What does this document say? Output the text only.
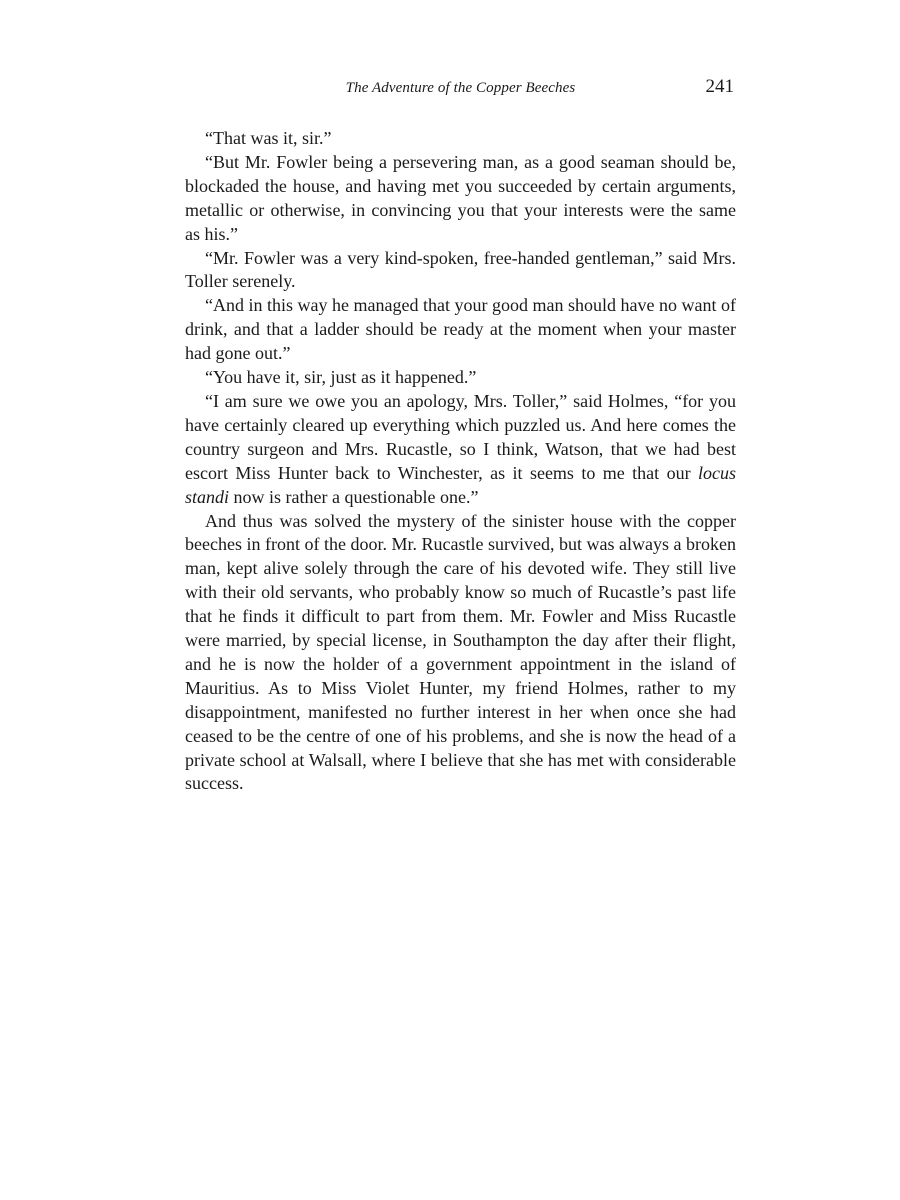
The Adventure of the Copper Beeches	241

“That was it, sir.”

“But Mr. Fowler being a persevering man, as a good seaman should be, blockaded the house, and having met you succeeded by certain arguments, metallic or otherwise, in convincing you that your interests were the same as his.”

“Mr. Fowler was a very kind-spoken, free-handed gentleman,” said Mrs. Toller serenely.

“And in this way he managed that your good man should have no want of drink, and that a ladder should be ready at the moment when your master had gone out.”

“You have it, sir, just as it happened.”

“I am sure we owe you an apology, Mrs. Toller,” said Holmes, “for you have certainly cleared up everything which puzzled us. And here comes the country surgeon and Mrs. Rucastle, so I think, Watson, that we had best escort Miss Hunter back to Winchester, as it seems to me that our locus standi now is rather a questionable one.”

And thus was solved the mystery of the sinister house with the copper beeches in front of the door. Mr. Rucastle survived, but was always a broken man, kept alive solely through the care of his devoted wife. They still live with their old servants, who probably know so much of Rucastle’s past life that he finds it difficult to part from them. Mr. Fowler and Miss Rucastle were married, by special license, in Southampton the day after their flight, and he is now the holder of a government appointment in the island of Mauritius. As to Miss Violet Hunter, my friend Holmes, rather to my disappointment, manifested no further interest in her when once she had ceased to be the centre of one of his problems, and she is now the head of a private school at Walsall, where I believe that she has met with considerable success.
